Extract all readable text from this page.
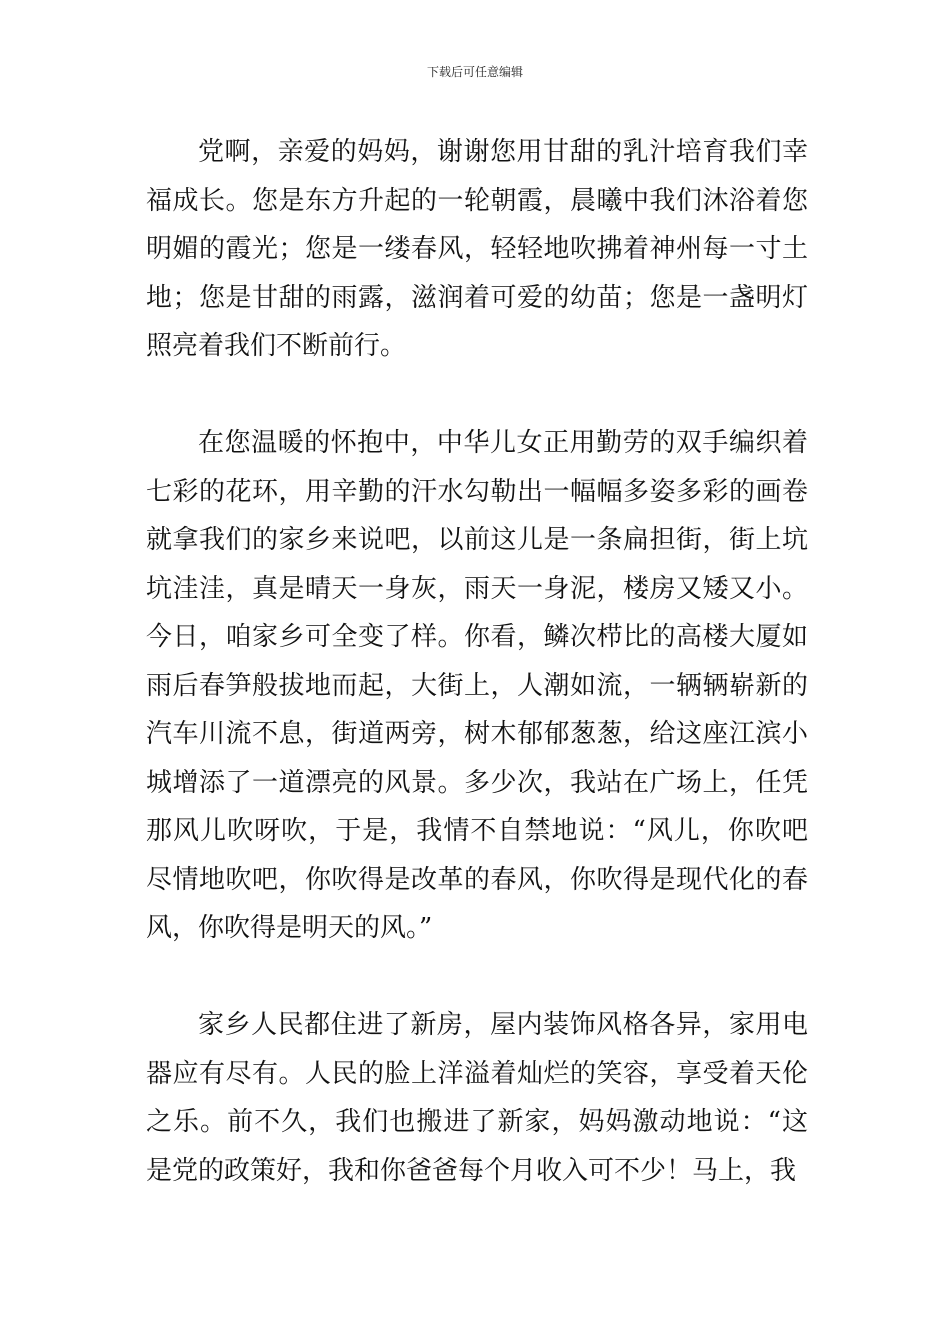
下载后可任意编辑

党啊，亲爱的妈妈，谢谢您用甘甜的乳汁培育我们幸福成长。您是东方升起的一轮朝霞，晨曦中我们沐浴着您明媚的霞光；您是一缕春风，轻轻地吹拂着神州每一寸土地；您是甘甜的雨露，滋润着可爱的幼苗；您是一盏明灯照亮着我们不断前行。

在您温暖的怀抱中，中华儿女正用勤劳的双手编织着七彩的花环，用辛勤的汗水勾勒出一幅幅多姿多彩的画卷就拿我们的家乡来说吧，以前这儿是一条扁担街，街上坑坑洼洼，真是晴天一身灰，雨天一身泥，楼房又矮又小。今日，咱家乡可全变了样。你看，鳞次栉比的高楼大厦如雨后春笋般拔地而起，大街上，人潮如流，一辆辆崭新的汽车川流不息，街道两旁，树木郁郁葱葱，给这座江滨小城增添了一道漂亮的风景。多少次，我站在广场上，任凭那风儿吹呀吹，于是，我情不自禁地说：“风儿，你吹吧尽情地吹吧，你吹得是改革的春风，你吹得是现代化的春风，你吹得是明天的风。”

家乡人民都住进了新房，屋内装饰风格各异，家用电器应有尽有。人民的脸上洋溢着灿烂的笑容，享受着天伦之乐。前不久，我们也搬进了新家，妈妈激动地说：“这是党的政策好，我和你爸爸每个月收入可不少！马上，我
